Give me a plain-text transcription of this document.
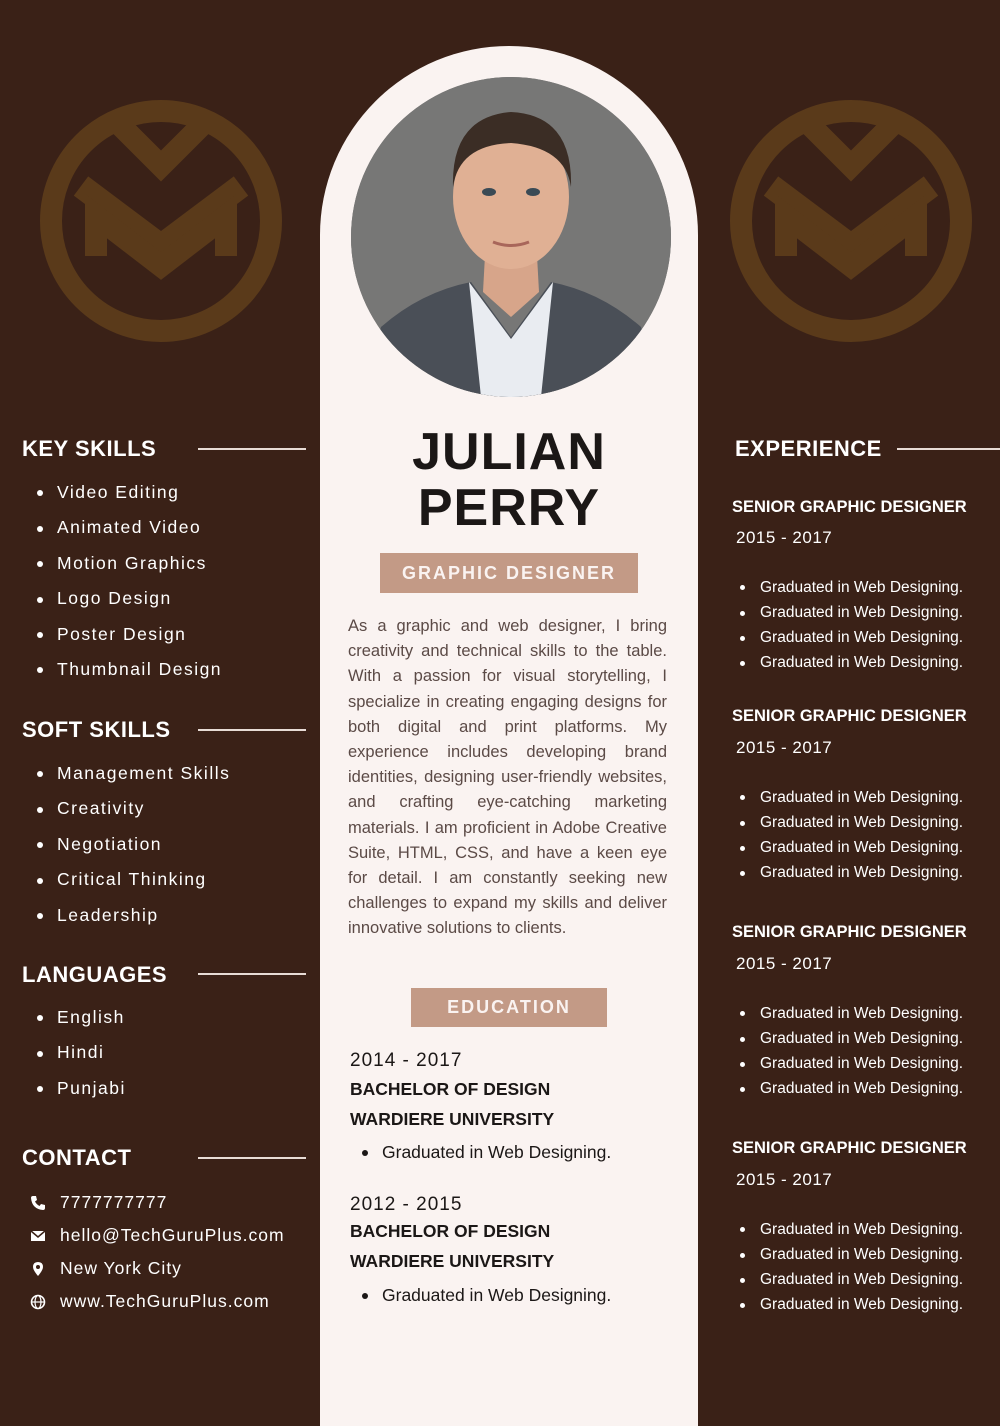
JULIAN
PERRY
GRAPHIC DESIGNER
As a graphic and web designer, I bring creativity and technical skills to the table. With a passion for visual storytelling, I specialize in creating engaging designs for both digital and print platforms. My experience includes developing brand identities, designing user-friendly websites, and crafting eye-catching marketing materials. I am proficient in Adobe Creative Suite, HTML, CSS, and have a keen eye for detail. I am constantly seeking new challenges to expand my skills and deliver innovative solutions to clients.
EDUCATION
2014 - 2017
BACHELOR OF DESIGN
WARDIERE UNIVERSITY
Graduated in Web Designing.
2012 - 2015
BACHELOR OF DESIGN
WARDIERE UNIVERSITY
Graduated in Web Designing.
KEY SKILLS
Video Editing
Animated Video
Motion Graphics
Logo Design
Poster Design
Thumbnail Design
SOFT SKILLS
Management Skills
Creativity
Negotiation
Critical Thinking
Leadership
LANGUAGES
English
Hindi
Punjabi
CONTACT
7777777777
hello@TechGuruPlus.com
New York City
www.TechGuruPlus.com
EXPERIENCE
SENIOR GRAPHIC DESIGNER
2015 - 2017
Graduated in Web Designing.
Graduated in Web Designing.
Graduated in Web Designing.
Graduated in Web Designing.
SENIOR GRAPHIC DESIGNER
2015 - 2017
Graduated in Web Designing.
Graduated in Web Designing.
Graduated in Web Designing.
Graduated in Web Designing.
SENIOR GRAPHIC DESIGNER
2015 - 2017
Graduated in Web Designing.
Graduated in Web Designing.
Graduated in Web Designing.
Graduated in Web Designing.
SENIOR GRAPHIC DESIGNER
2015 - 2017
Graduated in Web Designing.
Graduated in Web Designing.
Graduated in Web Designing.
Graduated in Web Designing.
